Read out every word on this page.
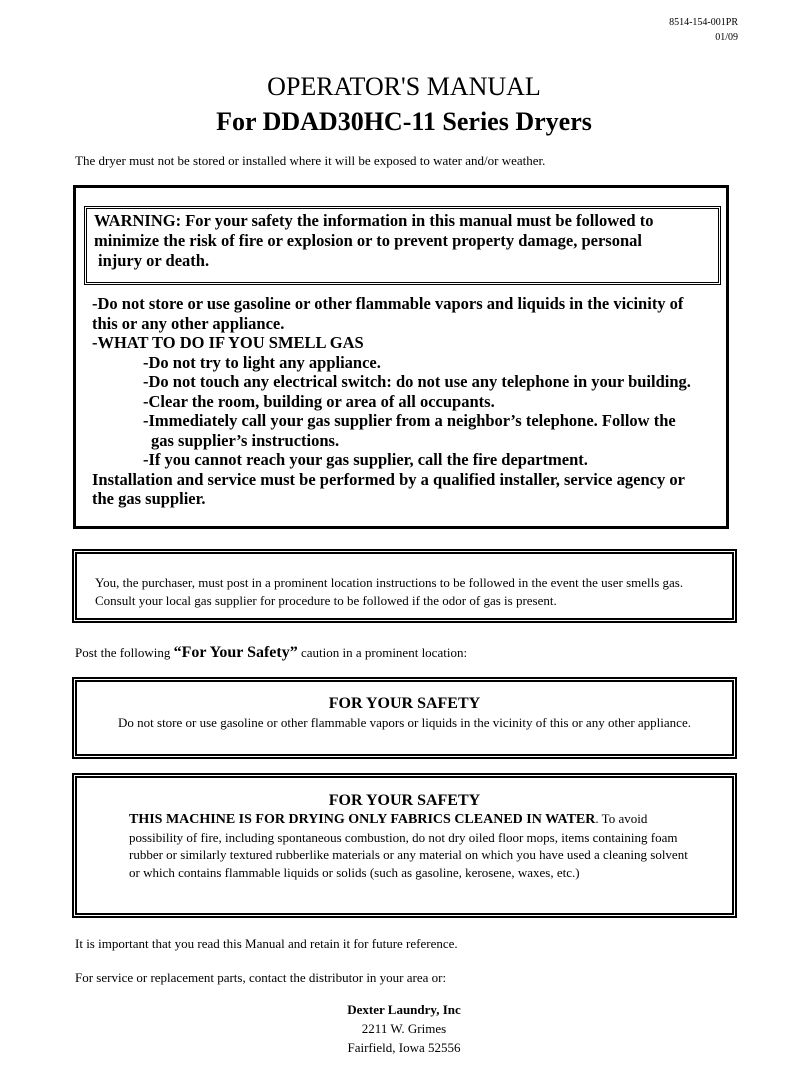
8514-154-001PR
01/09
OPERATOR'S MANUAL
For DDAD30HC-11 Series Dryers
The dryer must not be stored or installed where it will be exposed to water and/or weather.
WARNING: For your safety the information in this manual must be followed to
minimize the risk of fire or explosion or to prevent property damage, personal
injury or death.
-Do not store or use gasoline or other flammable vapors and liquids in the vicinity of
this or any other appliance.
-WHAT TO DO IF YOU SMELL GAS
-Do not try to light any appliance.
-Do not touch any electrical switch: do not use any telephone in your building.
-Clear the room, building or area of all occupants.
-Immediately call your gas supplier from a neighbor’s telephone. Follow the
gas supplier’s instructions.
-If you cannot reach your gas supplier, call the fire department.
Installation and service must be performed by a qualified installer, service agency or
the gas supplier.
You, the purchaser, must post in a prominent location instructions to be followed in the event the user smells gas. Consult your local gas supplier for procedure to be followed if the odor of gas is present.
Post the following “For Your Safety” caution in a prominent location:
FOR YOUR SAFETY
Do not store or use gasoline or other flammable vapors or liquids in the vicinity of this or any other appliance.
FOR YOUR SAFETY
THIS MACHINE IS FOR DRYING ONLY FABRICS CLEANED IN WATER. To avoid possibility of fire, including spontaneous combustion, do not dry oiled floor mops, items containing foam rubber or similarly textured rubberlike materials or any material on which you have used a cleaning solvent or which contains flammable liquids or solids (such as gasoline, kerosene, waxes, etc.)
It is important that you read this Manual and retain it for future reference.
For service or replacement parts, contact the distributor in your area or:
Dexter Laundry, Inc
2211 W. Grimes
Fairfield, Iowa 52556
